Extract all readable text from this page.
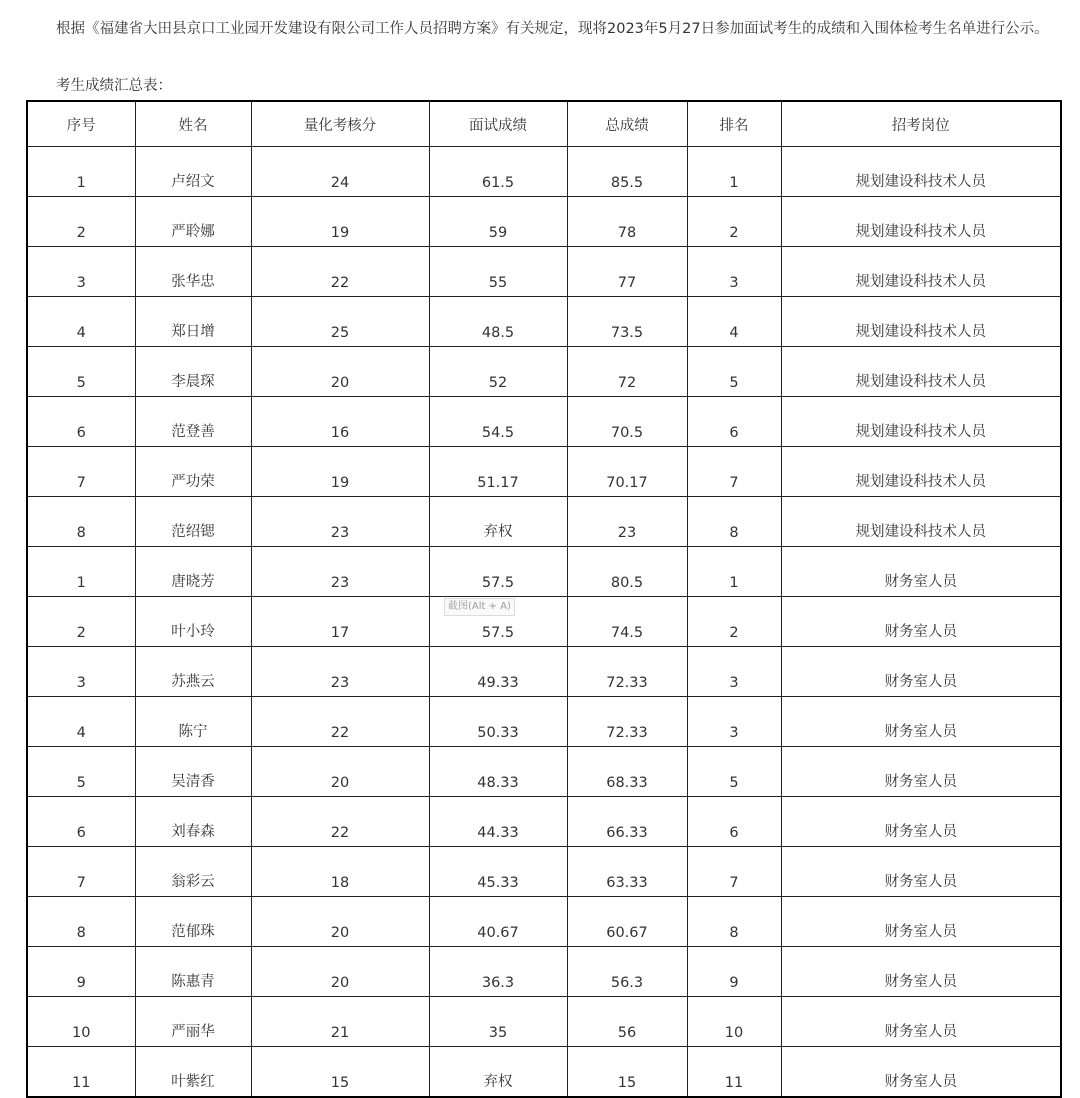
根据《福建省大田县京口工业园开发建设有限公司工作人员招聘方案》有关规定，现将2023年5月27日参加面试考生的成绩和入围体检考生名单进行公示。

考生成绩汇总表：
序号	姓名	量化考核分	面试成绩	总成绩	排名	招考岗位
1	卢绍文	24	61.5	85.5	1	规划建设科技术人员
2	严聆娜	19	59	78	2	规划建设科技术人员
3	张华忠	22	55	77	3	规划建设科技术人员
4	郑日增	25	48.5	73.5	4	规划建设科技术人员
5	李晨琛	20	52	72	5	规划建设科技术人员
6	范登善	16	54.5	70.5	6	规划建设科技术人员
7	严功荣	19	51.17	70.17	7	规划建设科技术人员
8	范绍锶	23	弃权	23	8	规划建设科技术人员
1	唐晓芳	23	57.5	80.5	1	财务室人员
2	叶小玲	17	57.5	74.5	2	财务室人员
3	苏燕云	23	49.33	72.33	3	财务室人员
4	陈宁	22	50.33	72.33	3	财务室人员
5	吴清香	20	48.33	68.33	5	财务室人员
6	刘春森	22	44.33	66.33	6	财务室人员
7	翁彩云	18	45.33	63.33	7	财务室人员
8	范郁珠	20	40.67	60.67	8	财务室人员
9	陈惠青	20	36.3	56.3	9	财务室人员
10	严丽华	21	35	56	10	财务室人员
11	叶紫红	15	弃权	15	11	财务室人员
截图(Alt + A)
